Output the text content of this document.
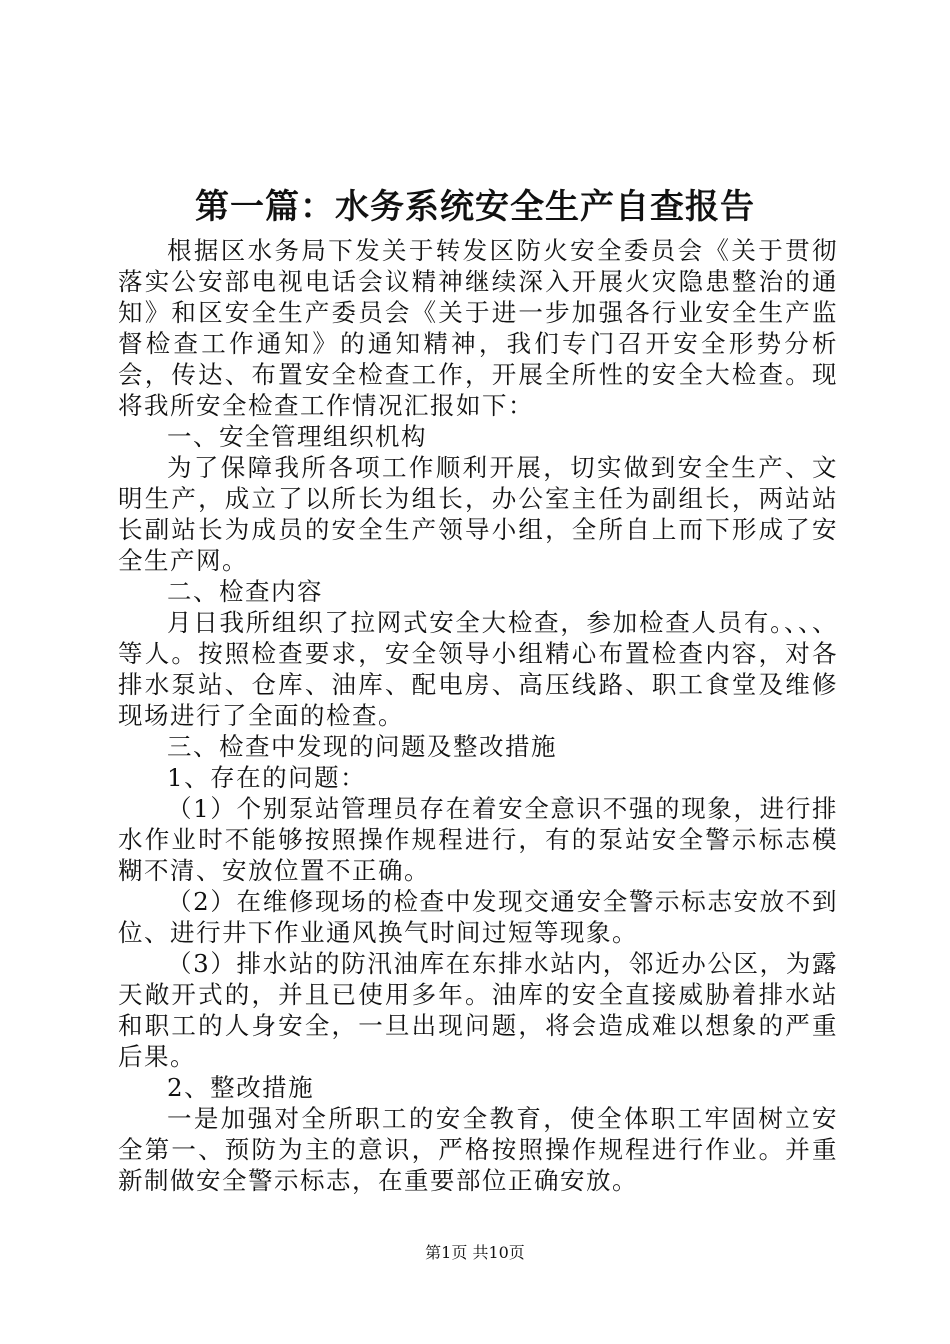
第一篇：水务系统安全生产自查报告

根据区水务局下发关于转发区防火安全委员会《关于贯彻落实公安部电视电话会议精神继续深入开展火灾隐患整治的通知》和区安全生产委员会《关于进一步加强各行业安全生产监督检查工作通知》的通知精神，我们专门召开安全形势分析会，传达、布置安全检查工作，开展全所性的安全大检查。现将我所安全检查工作情况汇报如下：

一、安全管理组织机构

为了保障我所各项工作顺利开展，切实做到安全生产、文明生产，成立了以所长为组长，办公室主任为副组长，两站站长副站长为成员的安全生产领导小组，全所自上而下形成了安全生产网。

二、检查内容

月日我所组织了拉网式安全大检查，参加检查人员有。、、、等人。按照检查要求，安全领导小组精心布置检查内容，对各排水泵站、仓库、油库、配电房、高压线路、职工食堂及维修现场进行了全面的检查。

三、检查中发现的问题及整改措施

1、存在的问题：

（1）个别泵站管理员存在着安全意识不强的现象，进行排水作业时不能够按照操作规程进行，有的泵站安全警示标志模糊不清、安放位置不正确。

（2）在维修现场的检查中发现交通安全警示标志安放不到位、进行井下作业通风换气时间过短等现象。

（3）排水站的防汛油库在东排水站内，邻近办公区，为露天敞开式的，并且已使用多年。油库的安全直接威胁着排水站和职工的人身安全，一旦出现问题，将会造成难以想象的严重后果。

2、整改措施

一是加强对全所职工的安全教育，使全体职工牢固树立安全第一、预防为主的意识，严格按照操作规程进行作业。并重新制做安全警示标志，在重要部位正确安放。

第1页 共10页
